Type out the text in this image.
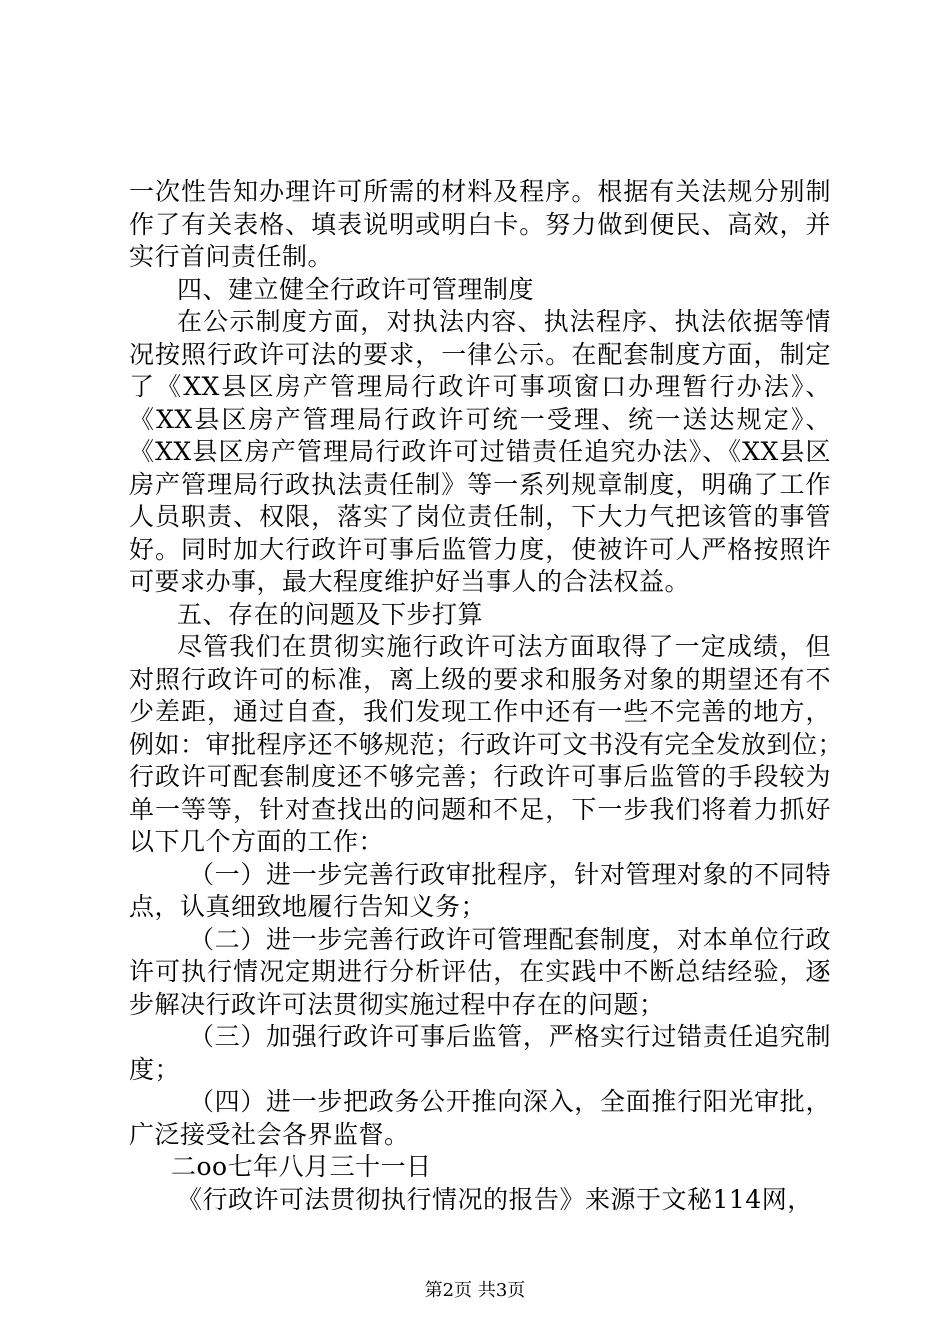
一次性告知办理许可所需的材料及程序。根据有关法规分别制
作了有关表格、填表说明或明白卡。努力做到便民、高效，并
实行首问责任制。
四、建立健全行政许可管理制度
在公示制度方面，对执法内容、执法程序、执法依据等情
况按照行政许可法的要求，一律公示。在配套制度方面，制定
了《XX县区房产管理局行政许可事项窗口办理暂行办法》、
《XX县区房产管理局行政许可统一受理、统一送达规定》、
《XX县区房产管理局行政许可过错责任追究办法》、《XX县区
房产管理局行政执法责任制》等一系列规章制度，明确了工作
人员职责、权限，落实了岗位责任制，下大力气把该管的事管
好。同时加大行政许可事后监管力度，使被许可人严格按照许
可要求办事，最大程度维护好当事人的合法权益。
五、存在的问题及下步打算
尽管我们在贯彻实施行政许可法方面取得了一定成绩，但
对照行政许可的标准，离上级的要求和服务对象的期望还有不
少差距，通过自查，我们发现工作中还有一些不完善的地方，
例如：审批程序还不够规范；行政许可文书没有完全发放到位；
行政许可配套制度还不够完善；行政许可事后监管的手段较为
单一等等，针对查找出的问题和不足，下一步我们将着力抓好
以下几个方面的工作：
（一）进一步完善行政审批程序，针对管理对象的不同特
点，认真细致地履行告知义务；
（二）进一步完善行政许可管理配套制度，对本单位行政
许可执行情况定期进行分析评估，在实践中不断总结经验，逐
步解决行政许可法贯彻实施过程中存在的问题；
（三）加强行政许可事后监管，严格实行过错责任追究制
度；
（四）进一步把政务公开推向深入，全面推行阳光审批，
广泛接受社会各界监督。
二oo七年八月三十一日
《行政许可法贯彻执行情况的报告》来源于文秘114网，
第2页 共3页
